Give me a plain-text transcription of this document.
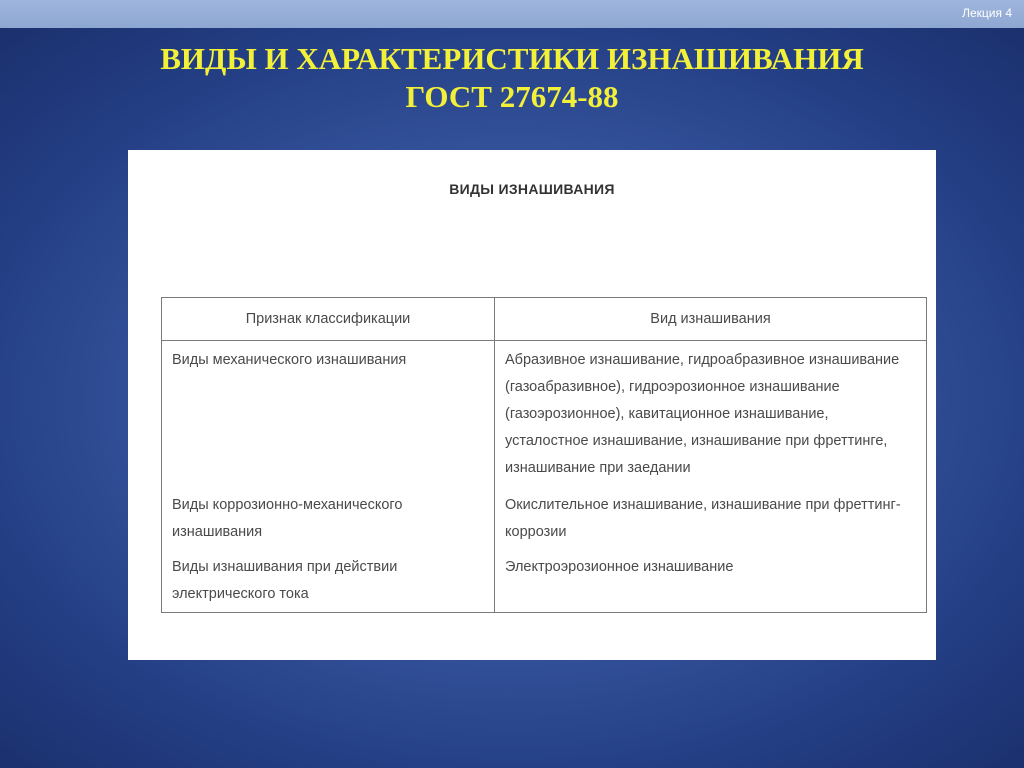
Лекция 4
ВИДЫ И ХАРАКТЕРИСТИКИ ИЗНАШИВАНИЯ
ГОСТ 27674-88
ВИДЫ ИЗНАШИВАНИЯ
Признак классификации	Вид изнашивания
Виды механического изнашивания	Абразивное изнашивание, гидроабразивное изнашивание (газоабразивное), гидроэрозионное изнашивание (газоэрозионное), кавитационное изнашивание, усталостное изнашивание, изнашивание при фреттинге, изнашивание при заедании
Виды коррозионно-механического изнашивания	Окислительное изнашивание, изнашивание при фреттинг-коррозии
Виды изнашивания при действии электрического тока	Электроэрозионное изнашивание
